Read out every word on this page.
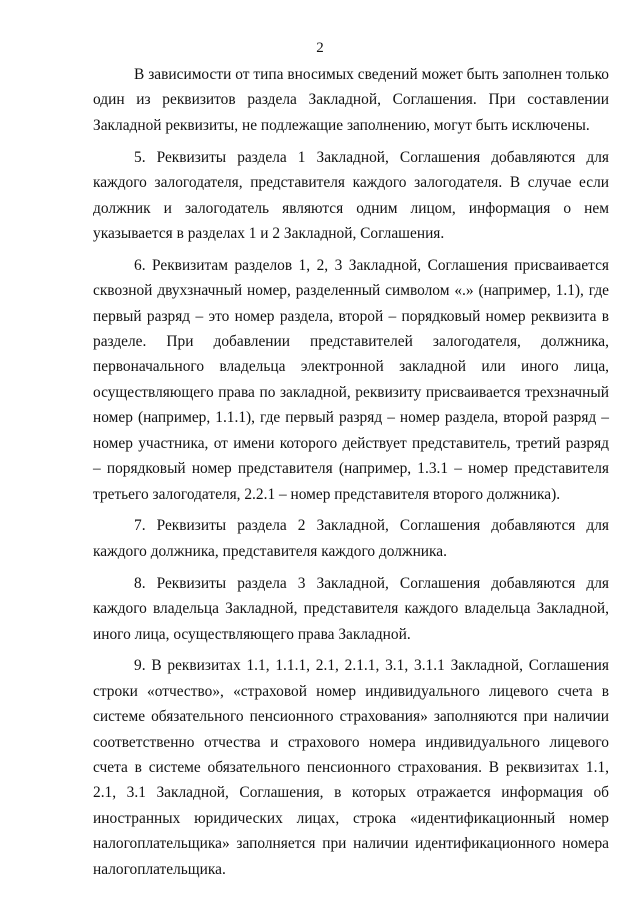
2

В зависимости от типа вносимых сведений может быть заполнен только один из реквизитов раздела Закладной, Соглашения. При составлении Закладной реквизиты, не подлежащие заполнению, могут быть исключены.

5. Реквизиты раздела 1 Закладной, Соглашения добавляются для каждого залогодателя, представителя каждого залогодателя. В случае если должник и залогодатель являются одним лицом, информация о нем указывается в разделах 1 и 2 Закладной, Соглашения.

6. Реквизитам разделов 1, 2, 3 Закладной, Соглашения присваивается сквозной двухзначный номер, разделенный символом «.» (например, 1.1), где первый разряд – это номер раздела, второй – порядковый номер реквизита в разделе. При добавлении представителей залогодателя, должника, первоначального владельца электронной закладной или иного лица, осуществляющего права по закладной, реквизиту присваивается трехзначный номер (например, 1.1.1), где первый разряд – номер раздела, второй разряд – номер участника, от имени которого действует представитель, третий разряд – порядковый номер представителя (например, 1.3.1 – номер представителя третьего залогодателя, 2.2.1 – номер представителя второго должника).

7. Реквизиты раздела 2 Закладной, Соглашения добавляются для каждого должника, представителя каждого должника.

8. Реквизиты раздела 3 Закладной, Соглашения добавляются для каждого владельца Закладной, представителя каждого владельца Закладной, иного лица, осуществляющего права Закладной.

9. В реквизитах 1.1, 1.1.1, 2.1, 2.1.1, 3.1, 3.1.1 Закладной, Соглашения строки «отчество», «страховой номер индивидуального лицевого счета в системе обязательного пенсионного страхования» заполняются при наличии соответственно отчества и страхового номера индивидуального лицевого счета в системе обязательного пенсионного страхования. В реквизитах 1.1, 2.1, 3.1 Закладной, Соглашения, в которых отражается информация об иностранных юридических лицах, строка «идентификационный номер налогоплательщика» заполняется при наличии идентификационного номера налогоплательщика.
